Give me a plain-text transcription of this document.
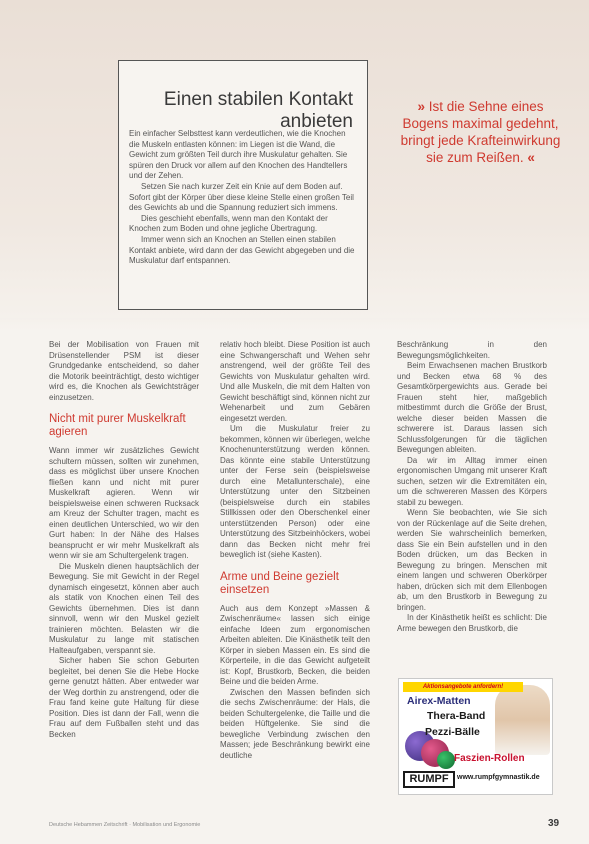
Einen stabilen Kontakt
anbieten

Ein einfacher Selbsttest kann verdeutlichen, wie die Knochen die Muskeln entlasten können: im Liegen ist die Wand, die Gewicht zum größten Teil durch ihre Muskulatur gehalten. Sie spüren den Druck vor allem auf den Knochen des Handtellers und der Zehen.

Setzen Sie nach kurzer Zeit ein Knie auf dem Boden auf. Sofort gibt der Körper über diese kleine Stelle einen großen Teil des Gewichts ab und die Spannung reduziert sich immens.

Dies geschieht ebenfalls, wenn man den Kontakt der Knochen zum Boden und ohne jegliche Übertragung.

Immer wenn sich an Knochen an Stellen einen stabilen Kontakt anbiete, wird dann der das Gewicht abgegeben und die Muskulatur darf entspannen.

» Ist die Sehne eines Bogens maximal gedehnt, bringt jede Krafteinwirkung sie zum Reißen. «

Bei der Mobilisation von Frauen mit Drüsenstellender PSM ist dieser Grundgedanke entscheidend, so daher die Motorik beeinträchtigt, desto wichtiger wird es, die Knochen als Gewichtsträger einzusetzen.

Nicht mit purer Muskelkraft agieren

Wann immer wir zusätzliches Gewicht schultern müssen, sollten wir zunehmen, dass es möglichst über unsere Knochen fließen kann und nicht mit purer Muskelkraft agieren. Wenn wir beispielsweise einen schweren Rucksack am Kreuz der Schulter tragen, macht es einen deutlichen Unterschied, wo wir den Gurt haben: In der Nähe des Halses beansprucht er wir mehr Muskelkraft als wenn wir sie am Schultergelenk tragen.

Die Muskeln dienen hauptsächlich der Bewegung. Sie mit Gewicht in der Regel dynamisch eingesetzt, können aber auch als statik von Knochen einen Teil des Gewichts übernehmen. Dies ist dann sinnvoll, wenn wir den Muskel gezielt trainieren möchten. Belasten wir die Muskulatur zu lange mit statischen Halteaufgaben, verspannt sie.

Sicher haben Sie schon Geburten begleitet, bei denen Sie die Hebe Hocke gerne genutzt hätten. Aber entweder war der Weg dorthin zu anstrengend, oder die Frau fand keine gute Haltung für diese Position. Dies ist dann der Fall, wenn die Frau auf dem Fußballen steht und das Becken

relativ hoch bleibt. Diese Position ist auch eine Schwangerschaft und Wehen sehr anstrengend, weil der größte Teil des Gewichts von Muskulatur gehalten wird. Und alle Muskeln, die mit dem Halten von Gewicht beschäftigt sind, können nicht zur Wehenarbeit und zum Gebären eingesetzt werden.

Um die Muskulatur freier zu bekommen, können wir überlegen, welche Knochenunterstützung werden können. Das könnte eine stabile Unterstützung unter der Ferse sein (beispielsweise durch eine Metallunterschale), eine Unterstützung unter den Sitzbeinen (beispielsweise durch ein stabiles Stillkissen oder den Oberschenkel einer unterstützenden Person) oder eine Unterstützung des Sitzbeinhöckers, wobei dann das Becken nicht mehr frei beweglich ist (siehe Kasten).

Arme und Beine gezielt einsetzen

Auch aus dem Konzept »Massen & Zwischenräume« lassen sich einige einfache Ideen zum ergonomischen Arbeiten ableiten. Die Kinästhetik teilt den Körper in sieben Massen ein. Es sind die Körperteile, in die das Gewicht aufgeteilt ist: Kopf, Brustkorb, Becken, die beiden Beine und die beiden Arme.

Zwischen den Massen befinden sich die sechs Zwischenräume: der Hals, die beiden Schultergelenke, die Taille und die beiden Hüftgelenke. Sie sind die bewegliche Verbindung zwischen den Massen; jede Beschränkung bewirkt eine deutliche

Beschränkung in den Bewegungsmöglichkeiten.

Beim Erwachsenen machen Brustkorb und Becken etwa 68 % des Gesamtkörpergewichts aus. Gerade bei Frauen steht hier, maßgeblich mitbestimmt durch die Größe der Brust, welche dieser beiden Massen die schwerere ist. Daraus lassen sich Schlussfolgerungen für die täglichen Bewegungen ableiten.

Da wir im Alltag immer einen ergonomischen Umgang mit unserer Kraft suchen, setzen wir die Extremitäten ein, um die schwereren Massen des Körpers stabil zu bewegen.

Wenn Sie beobachten, wie Sie sich von der Rückenlage auf die Seite drehen, werden Sie wahrscheinlich bemerken, dass Sie ein Bein aufstellen und in den Boden drücken, um das Becken in Bewegung zu bringen. Menschen mit einem langen und schweren Oberkörper haben, drücken sich mit dem Ellenbogen ab, um den Brustkorb in Bewegung zu bringen.

In der Kinästhetik heißt es schlicht: Die Arme bewegen den Brustkorb, die

Aktionsangebote anfordern!
Airex-Matten
Thera-Band
Pezzi-Bälle
Faszien-Rollen
RUMPF	www.rumpfgymnastik.de
Deutsche Hebammen Zeitschrift · Mobilisation und Ergonomie	39
